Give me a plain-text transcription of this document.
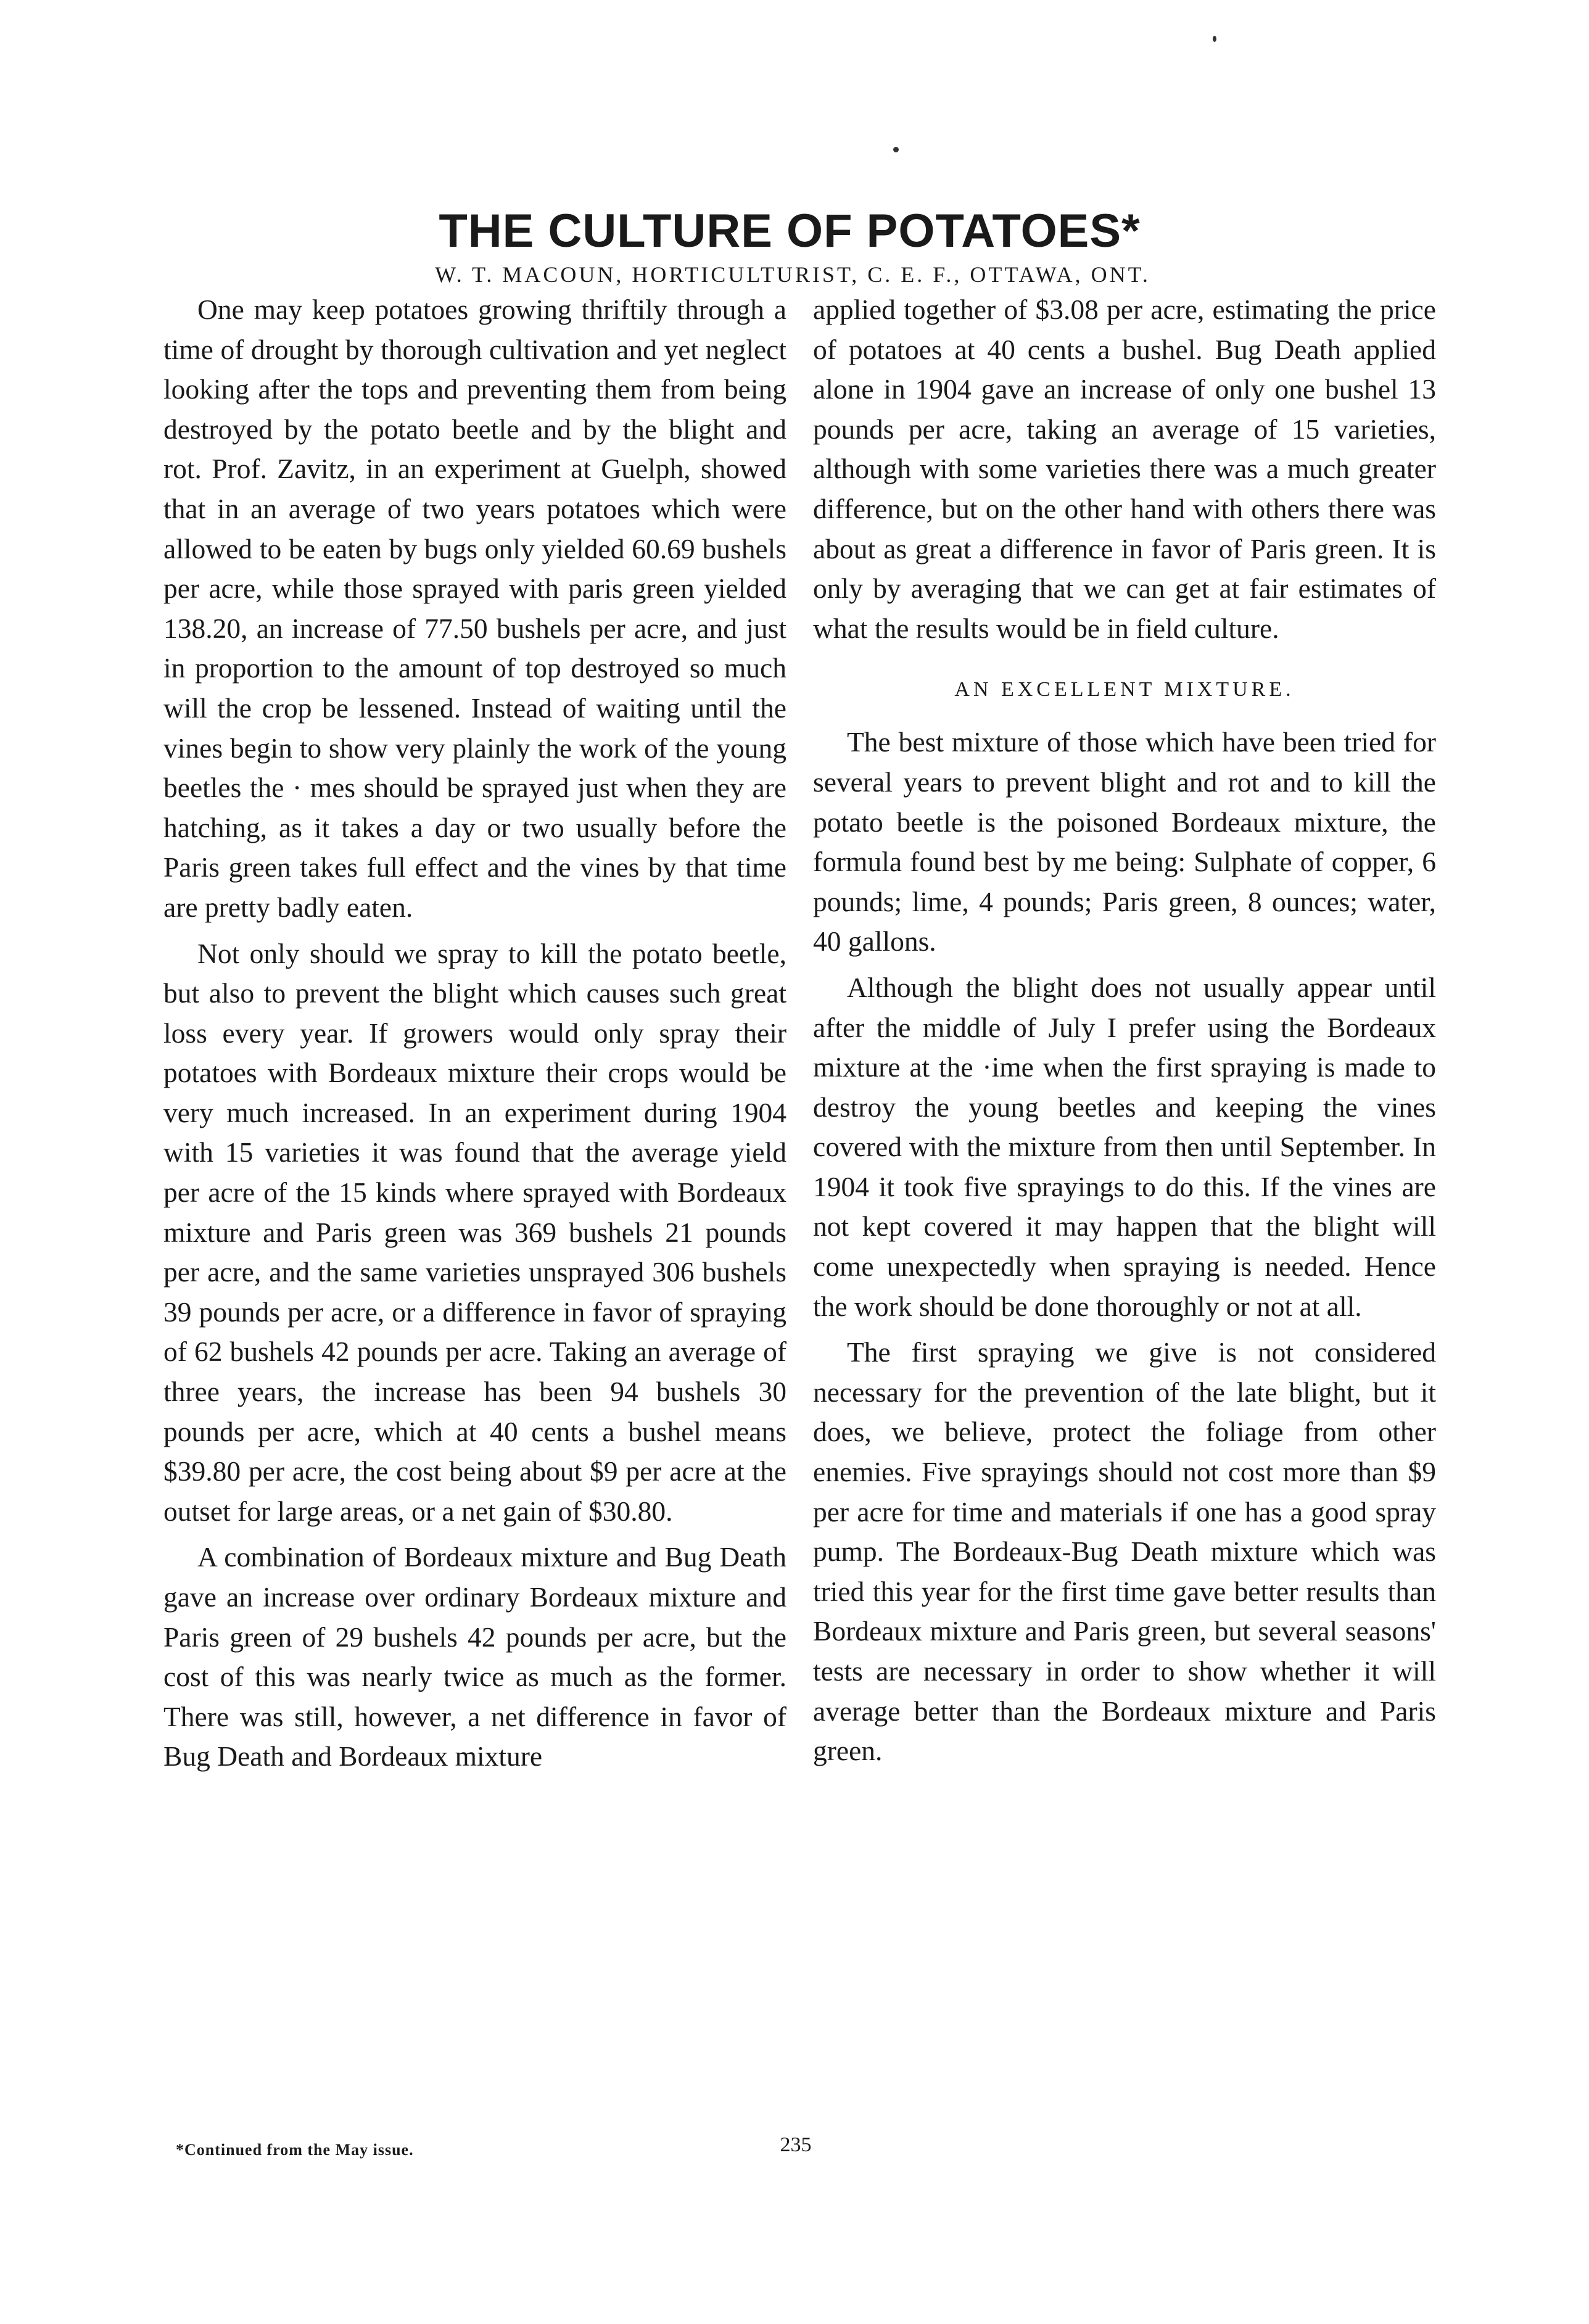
THE CULTURE OF POTATOES*
W. T. MACOUN, HORTICULTURIST, C. E. F., OTTAWA, ONT.

One may keep potatoes growing thriftily through a time of drought by thorough cultivation and yet neglect looking after the tops and preventing them from being destroyed by the potato beetle and by the blight and rot. Prof. Zavitz, in an experiment at Guelph, showed that in an average of two years potatoes which were allowed to be eaten by bugs only yielded 60.69 bushels per acre, while those sprayed with paris green yielded 138.20, an increase of 77.50 bushels per acre, and just in proportion to the amount of top destroyed so much will the crop be lessened. Instead of waiting until the vines begin to show very plainly the work of the young beetles the · mes should be sprayed just when they are hatching, as it takes a day or two usually before the Paris green takes full effect and the vines by that time are pretty badly eaten.

Not only should we spray to kill the potato beetle, but also to prevent the blight which causes such great loss every year. If growers would only spray their potatoes with Bordeaux mixture their crops would be very much increased. In an experiment during 1904 with 15 varieties it was found that the average yield per acre of the 15 kinds where sprayed with Bordeaux mixture and Paris green was 369 bushels 21 pounds per acre, and the same varieties unsprayed 306 bushels 39 pounds per acre, or a difference in favor of spraying of 62 bushels 42 pounds per acre. Taking an average of three years, the increase has been 94 bushels 30 pounds per acre, which at 40 cents a bushel means $39.80 per acre, the cost being about $9 per acre at the outset for large areas, or a net gain of $30.80.

A combination of Bordeaux mixture and Bug Death gave an increase over ordinary Bordeaux mixture and Paris green of 29 bushels 42 pounds per acre, but the cost of this was nearly twice as much as the former. There was still, however, a net difference in favor of Bug Death and Bordeaux mixture

applied together of $3.08 per acre, estimating the price of potatoes at 40 cents a bushel. Bug Death applied alone in 1904 gave an increase of only one bushel 13 pounds per acre, taking an average of 15 varieties, although with some varieties there was a much greater difference, but on the other hand with others there was about as great a difference in favor of Paris green. It is only by averaging that we can get at fair estimates of what the results would be in field culture.

AN EXCELLENT MIXTURE.

The best mixture of those which have been tried for several years to prevent blight and rot and to kill the potato beetle is the poisoned Bordeaux mixture, the formula found best by me being: Sulphate of copper, 6 pounds; lime, 4 pounds; Paris green, 8 ounces; water, 40 gallons.

Although the blight does not usually appear until after the middle of July I prefer using the Bordeaux mixture at the ·ime when the first spraying is made to destroy the young beetles and keeping the vines covered with the mixture from then until September. In 1904 it took five sprayings to do this. If the vines are not kept covered it may happen that the blight will come unexpectedly when spraying is needed. Hence the work should be done thoroughly or not at all.

The first spraying we give is not considered necessary for the prevention of the late blight, but it does, we believe, protect the foliage from other enemies. Five sprayings should not cost more than $9 per acre for time and materials if one has a good spray pump. The Bordeaux-Bug Death mixture which was tried this year for the first time gave better results than Bordeaux mixture and Paris green, but several seasons' tests are necessary in order to show whether it will average better than the Bordeaux mixture and Paris green.

*Continued from the May issue.	235
